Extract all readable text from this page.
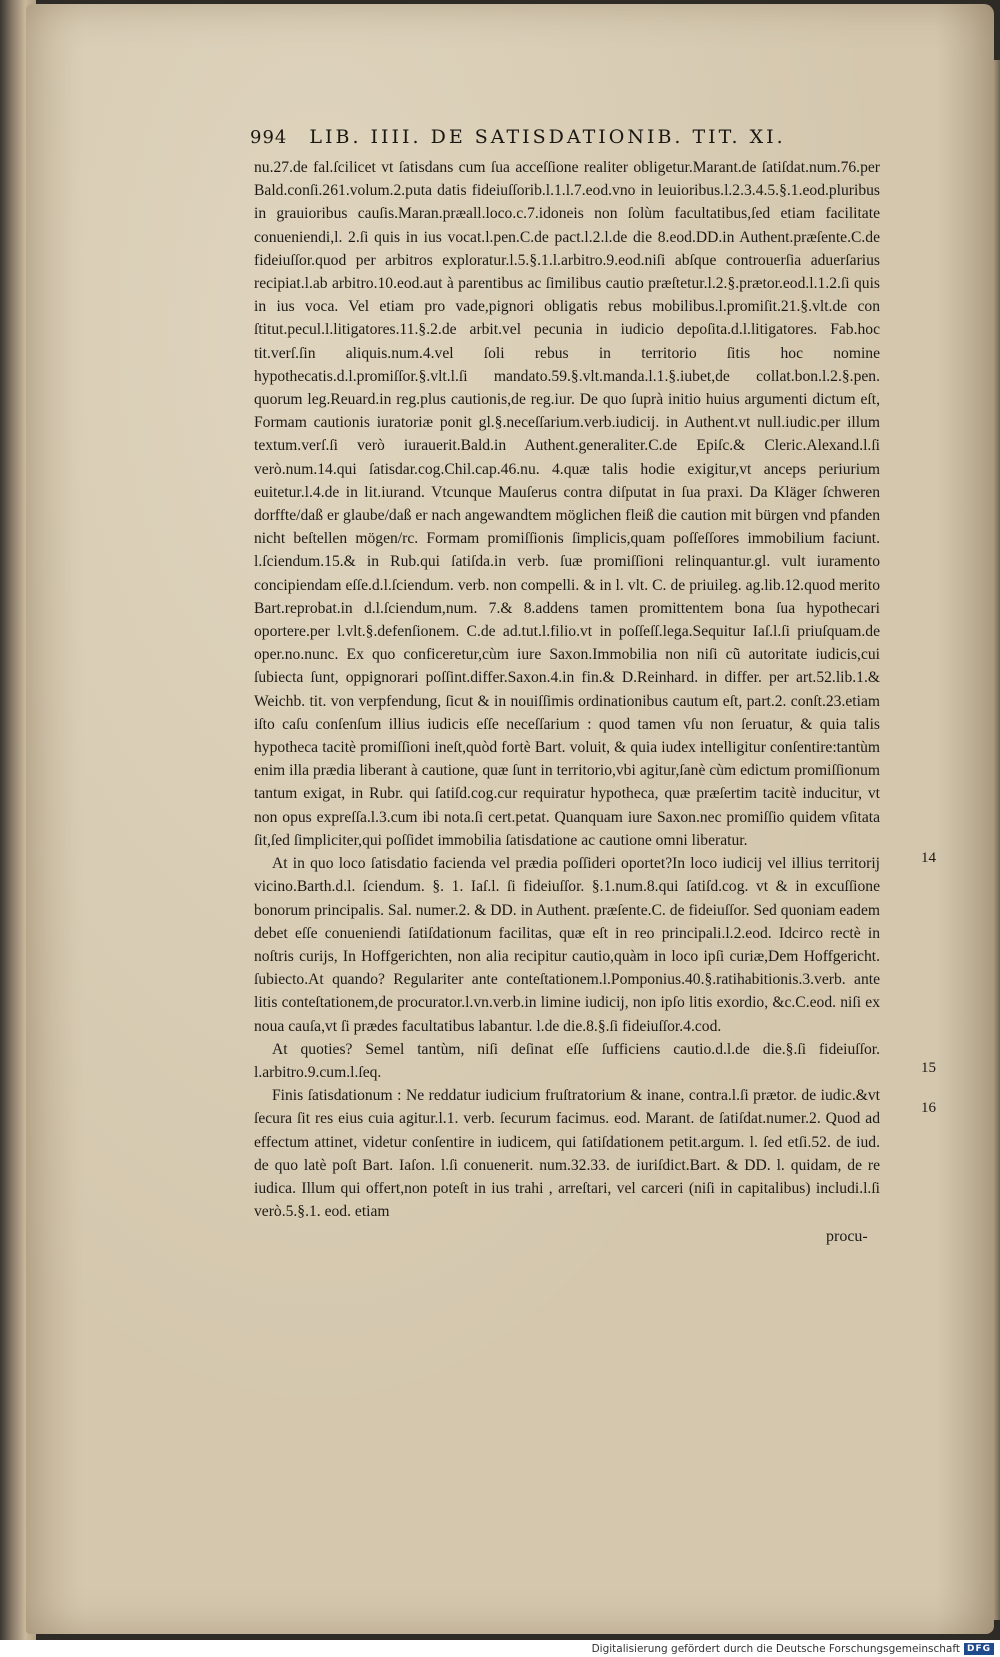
994 LIB. IIII. DE SATISDATIONIB. TIT. XI.

nu.27.de fal.ſcilicet vt ſatisdans cum ſua acceſſione realiter obligetur.Marant.de ſatiſdat.num.76.per Bald.conſi.261.volum.2.puta datis fideiuſſorib.l.1.l.7.eod.vno in leuioribus.l.2.3.4.5.§.1.eod.pluribus in grauioribus cauſis.Maran.præall.loco.c.7.idoneis non ſolùm facultatibus,ſed etiam facilitate conueniendi,l. 2.ſi quis in ius vocat.l.pen.C.de pact.l.2.l.de die 8.eod.DD.in Authent.præſente.C.de fideiuſſor.quod per arbitros exploratur.l.5.§.1.l.arbitro.9.eod.niſi abſque controuerſia aduerſarius recipiat.l.ab arbitro.10.eod.aut à parentibus ac ſimilibus cautio præſtetur.l.2.§.prætor.eod.l.1.2.ſi quis in ius voca. Vel etiam pro vade,pignori obligatis rebus mobilibus.l.promiſit.21.§.vlt.de con ſtitut.pecul.l.litigatores.11.§.2.de arbit.vel pecunia in iudicio depoſita.d.l.litigatores. Fab.hoc tit.verſ.ſin aliquis.num.4.vel ſoli rebus in territorio ſitis hoc nomine hypothecatis.d.l.promiſſor.§.vlt.l.ſi mandato.59.§.vlt.manda.l.1.§.iubet,de collat.bon.l.2.§.pen. quorum leg.Reuard.in reg.plus cautionis,de reg.iur. De quo ſuprà initio huius argumenti dictum eſt, Formam cautionis iuratoriæ ponit gl.§.neceſſarium.verb.iudicij. in Authent.vt null.iudic.per illum textum.verſ.ſi verò iurauerit.Bald.in Authent.generaliter.C.de Epiſc.& Cleric.Alexand.l.ſi verò.num.14.qui ſatisdar.cog.Chil.cap.46.nu. 4.quæ talis hodie exigitur,vt anceps periurium euitetur.l.4.de in lit.iurand. Vtcunque Mauſerus contra diſputat in ſua praxi. Da Kläger ſchweren dorffte/daß er glaube/daß er nach angewandtem möglichen fleiß die caution mit bürgen vnd pfanden nicht beſtellen mögen/rc. Formam promiſſionis ſimplicis,quam poſſeſſores immobilium faciunt. l.ſciendum.15.& in Rub.qui ſatiſda.in verb. ſuæ promiſſioni relinquantur.gl. vult iuramento concipiendam eſſe.d.l.ſciendum. verb. non compelli. & in l. vlt. C. de priuileg. ag.lib.12.quod merito Bart.reprobat.in d.l.ſciendum,num. 7.& 8.addens tamen promittentem bona ſua hypothecari oportere.per l.vlt.§.defenſionem. C.de ad.tut.l.filio.vt in poſſeſſ.lega.Sequitur Iaſ.l.ſi priuſquam.de oper.no.nunc. Ex quo conficeretur,cùm iure Saxon.Immobilia non niſi cũ autoritate iudicis,cui ſubiecta ſunt, oppignorari poſſint.differ.Saxon.4.in fin.& D.Reinhard. in differ. per art.52.lib.1.& Weichb. tit. von verpfendung, ſicut & in nouiſſimis ordinationibus cautum eſt, part.2. conſt.23.etiam iſto caſu conſenſum illius iudicis eſſe neceſſarium : quod tamen vſu non ſeruatur, & quia talis hypotheca tacitè promiſſioni ineſt,quòd fortè Bart. voluit, & quia iudex intelligitur conſentire:tantùm enim illa prædia liberant à cautione, quæ ſunt in territorio,vbi agitur,ſanè cùm edictum promiſſionum tantum exigat, in Rubr. qui ſatiſd.cog.cur requiratur hypotheca, quæ præſertim tacitè inducitur, vt non opus expreſſa.l.3.cum ibi nota.ſi cert.petat. Quanquam iure Saxon.nec promiſſio quidem vſitata ſit,ſed ſimpliciter,qui poſſidet immobilia ſatisdatione ac cautione omni liberatur.

At in quo loco ſatisdatio facienda vel prædia poſſideri oportet?In loco iudicij vel illius territorij vicino.Barth.d.l. ſciendum. §. 1. Iaſ.l. ſi fideiuſſor. §.1.num.8.qui ſatiſd.cog. vt & in excuſſione bonorum principalis. Sal. numer.2. & DD. in Authent. præſente.C. de fideiuſſor. Sed quoniam eadem debet eſſe conueniendi ſatiſdationum facilitas, quæ eſt in reo principali.l.2.eod. Idcirco rectè in noſtris curijs, In Hoffgerichten, non alia recipitur cautio,quàm in loco ipſi curiæ,Dem Hoffgericht. ſubiecto.At quando? Regulariter ante conteſtationem.l.Pomponius.40.§.ratihabitionis.3.verb. ante litis conteſtationem,de procurator.l.vn.verb.in limine iudicij, non ipſo litis exordio, &c.C.eod. niſi ex noua cauſa,vt ſi prædes facultatibus labantur. l.de die.8.§.ſi fideiuſſor.4.cod.

At quoties? Semel tantùm, niſi deſinat eſſe ſufficiens cautio.d.l.de die.§.ſi fideiuſſor. l.arbitro.9.cum.l.ſeq.

Finis ſatisdationum : Ne reddatur iudicium fruſtratorium & inane, contra.l.ſi prætor. de iudic.&vt ſecura ſit res eius cuia agitur.l.1. verb. ſecurum facimus. eod. Marant. de ſatiſdat.numer.2. Quod ad effectum attinet, videtur conſentire in iudicem, qui ſatiſdationem petit.argum. l. ſed etſi.52. de iud. de quo latè poſt Bart. Iaſon. l.ſi conuenerit. num.32.33. de iuriſdict.Bart. & DD. l. quidam, de re iudica. Illum qui offert,non poteſt in ius trahi , arreſtari, vel carceri (niſi in capitalibus) includi.l.ſi verò.5.§.1. eod. etiam

14
15
16
procu-
Digitalisierung gefördert durch die Deutsche Forschungsgemeinschaft DFG
